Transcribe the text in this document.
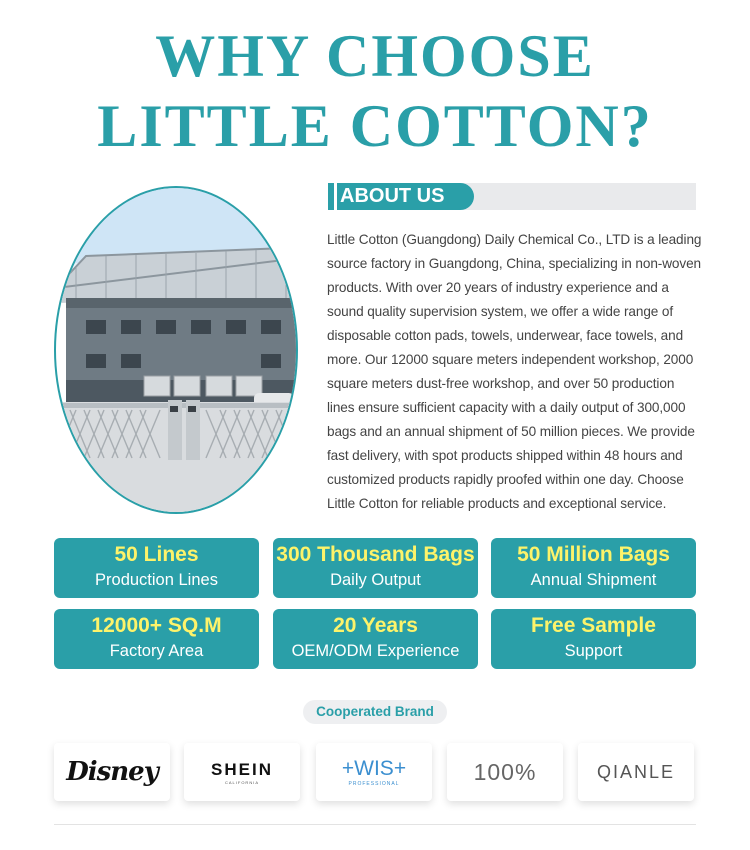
WHY CHOOSE
LITTLE COTTON?
ABOUT US
Little Cotton (Guangdong) Daily Chemical Co., LTD is a leading source factory in Guangdong, China, specializing in non-woven products. With over 20 years of industry experience and a sound quality supervision system, we offer a wide range of disposable cotton pads, towels, underwear, face towels, and more. Our 12000 square meters independent workshop, 2000 square meters dust-free workshop, and over 50 production lines ensure sufficient capacity with a daily output of 300,000 bags and an annual shipment of 50 million pieces. We provide fast delivery, with spot products shipped within 48 hours and customized products rapidly proofed within one day. Choose Little Cotton for reliable products and exceptional service.
50 Lines
Production Lines
300 Thousand Bags
Daily Output
50 Million Bags
Annual Shipment
12000+ SQ.M
Factory Area
20 Years
OEM/ODM Experience
Free Sample
Support
Cooperated Brand
Disney	SHEIN
CALIFORNIA
+WIS+
PROFESSIONAL	100%	QIANLE
